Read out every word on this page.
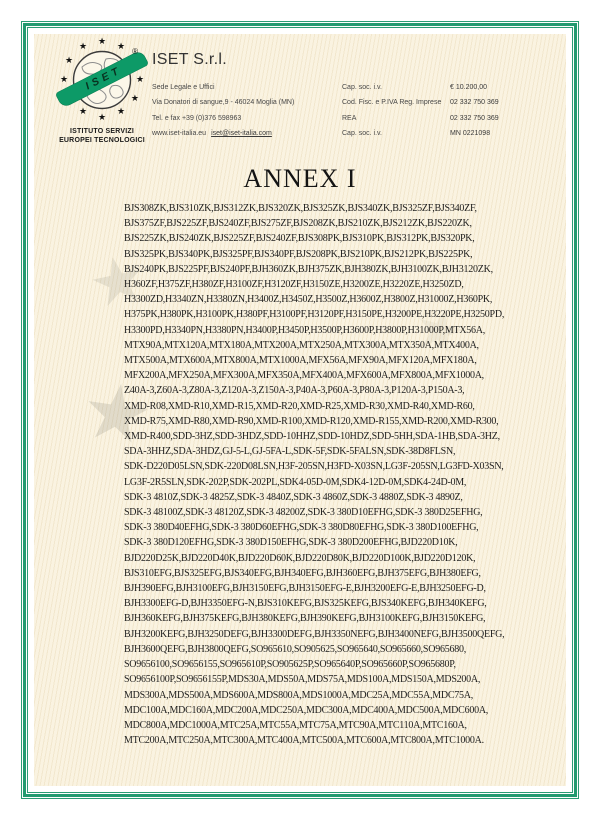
★
★
★
★
★
★
★
★
★
★
★
★
★
ISET
®
ISTITUTO SERVIZI
EUROPEI TECNOLOGICI
ISET S.r.l.
Sede Legale e Uffici	Cap. soc. i.v.	€ 10.200,00
Via Donatori di sangue,9 - 46024 Moglia (MN)	Cod. Fisc. e P.IVA Reg. Imprese	02 332 750 369
Tel. e fax +39 (0)376 598963	REA	02 332 750 369
www.iset-italia.eu iset@iset-italia.com	Cap. soc. i.v.	MN 0221098
ANNEX I
BJS308ZK,BJS310ZK,BJS312ZK,BJS320ZK,BJS325ZK,BJS340ZK,BJS325ZF,BJS340ZF,
BJS375ZF,BJS225ZF,BJS240ZF,BJS275ZF,BJS208ZK,BJS210ZK,BJS212ZK,BJS220ZK,
BJS225ZK,BJS240ZK,BJS225ZF,BJS240ZF,BJS308PK,BJS310PK,BJS312PK,BJS320PK,
BJS325PK,BJS340PK,BJS325PF,BJS340PF,BJS208PK,BJS210PK,BJS212PK,BJS225PK,
BJS240PK,BJS225PF,BJS240PF,BJH360ZK,BJH375ZK,BJH380ZK,BJH3100ZK,BJH3120ZK,
H360ZF,H375ZF,H380ZF,H3100ZF,H3120ZF,H3150ZE,H3200ZE,H3220ZE,H3250ZD,
H3300ZD,H3340ZN,H3380ZN,H3400Z,H3450Z,H3500Z,H3600Z,H3800Z,H31000Z,H360PK,
H375PK,H380PK,H3100PK,H380PF,H3100PF,H3120PF,H3150PE,H3200PE,H3220PE,H3250PD,
H3300PD,H3340PN,H3380PN,H3400P,H3450P,H3500P,H3600P,H3800P,H31000P,MTX56A,
MTX90A,MTX120A,MTX180A,MTX200A,MTX250A,MTX300A,MTX350A,MTX400A,
MTX500A,MTX600A,MTX800A,MTX1000A,MFX56A,MFX90A,MFX120A,MFX180A,
MFX200A,MFX250A,MFX300A,MFX350A,MFX400A,MFX600A,MFX800A,MFX1000A,
Z40A-3,Z60A-3,Z80A-3,Z120A-3,Z150A-3,P40A-3,P60A-3,P80A-3,P120A-3,P150A-3,
XMD-R08,XMD-R10,XMD-R15,XMD-R20,XMD-R25,XMD-R30,XMD-R40,XMD-R60,
XMD-R75,XMD-R80,XMD-R90,XMD-R100,XMD-R120,XMD-R155,XMD-R200,XMD-R300,
XMD-R400,SDD-3HZ,SDD-3HDZ,SDD-10HHZ,SDD-10HDZ,SDD-5HH,SDA-1HB,SDA-3HZ,
SDA-3HHZ,SDA-3HDZ,GJ-5-L,GJ-5FA-L,SDK-5F,SDK-5FALSN,SDK-38D8FLSN,
SDK-D220D05LSN,SDK-220D08LSN,H3F-205SN,H3FD-X03SN,LG3F-205SN,LG3FD-X03SN,
LG3F-2R5SLN,SDK-202P,SDK-202PL,SDK4-05D-0M,SDK4-12D-0M,SDK4-24D-0M,
SDK-3 4810Z,SDK-3 4825Z,SDK-3 4840Z,SDK-3 4860Z,SDK-3 4880Z,SDK-3 4890Z,
SDK-3 48100Z,SDK-3 48120Z,SDK-3 48200Z,SDK-3 380D10EFHG,SDK-3 380D25EFHG,
SDK-3 380D40EFHG,SDK-3 380D60EFHG,SDK-3 380D80EFHG,SDK-3 380D100EFHG,
SDK-3 380D120EFHG,SDK-3 380D150EFHG,SDK-3 380D200EFHG,BJD220D10K,
BJD220D25K,BJD220D40K,BJD220D60K,BJD220D80K,BJD220D100K,BJD220D120K,
BJS310EFG,BJS325EFG,BJS340EFG,BJH340EFG,BJH360EFG,BJH375EFG,BJH380EFG,
BJH390EFG,BJH3100EFG,BJH3150EFG,BJH3150EFG-E,BJH3200EFG-E,BJH3250EFG-D,
BJH3300EFG-D,BJH3350EFG-N,BJS310KEFG,BJS325KEFG,BJS340KEFG,BJH340KEFG,
BJH360KEFG,BJH375KEFG,BJH380KEFG,BJH390KEFG,BJH3100KEFG,BJH3150KEFG,
BJH3200KEFG,BJH3250DEFG,BJH3300DEFG,BJH3350NEFG,BJH3400NEFG,BJH3500QEFG,
BJH3600QEFG,BJH3800QEFG,SO965610,SO905625,SO965640,SO965660,SO965680,
SO9656100,SO9656155,SO965610P,SO905625P,SO965640P,SO965660P,SO965680P,
SO9656100P,SO9656155P,MDS30A,MDS50A,MDS75A,MDS100A,MDS150A,MDS200A,
MDS300A,MDS500A,MDS600A,MDS800A,MDS1000A,MDC25A,MDC55A,MDC75A,
MDC100A,MDC160A,MDC200A,MDC250A,MDC300A,MDC400A,MDC500A,MDC600A,
MDC800A,MDC1000A,MTC25A,MTC55A,MTC75A,MTC90A,MTC110A,MTC160A,
MTC200A,MTC250A,MTC300A,MTC400A,MTC500A,MTC600A,MTC800A,MTC1000A.
